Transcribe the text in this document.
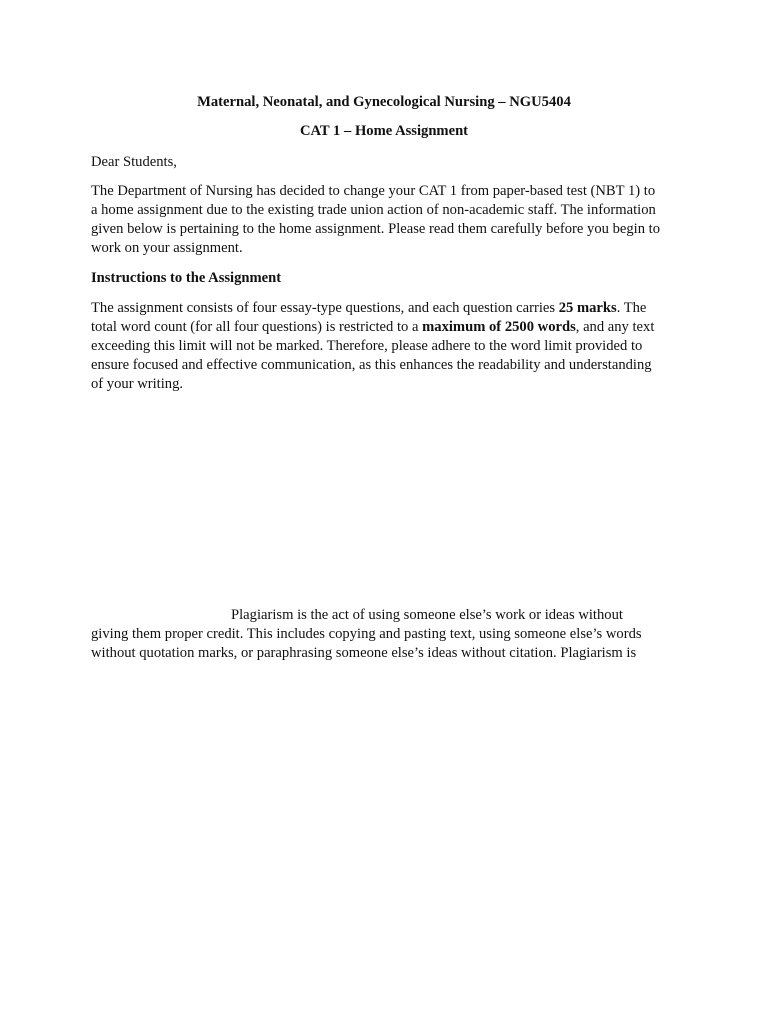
Maternal, Neonatal, and Gynecological Nursing – NGU5404
CAT 1 – Home Assignment
Dear Students,
The Department of Nursing has decided to change your CAT 1 from paper-based test (NBT 1) to
a home assignment due to the existing trade union action of non-academic staff. The information
given below is pertaining to the home assignment. Please read them carefully before you begin to
work on your assignment.
Instructions to the Assignment
The assignment consists of four essay-type questions, and each question carries 25 marks. The
total word count (for all four questions) is restricted to a maximum of 2500 words, and any text
exceeding this limit will not be marked. Therefore, please adhere to the word limit provided to
ensure focused and effective communication, as this enhances the readability and understanding
of your writing.
Plagiarism is the act of using someone else’s work or ideas without
giving them proper credit. This includes copying and pasting text, using someone else’s words
without quotation marks, or paraphrasing someone else’s ideas without citation. Plagiarism is
